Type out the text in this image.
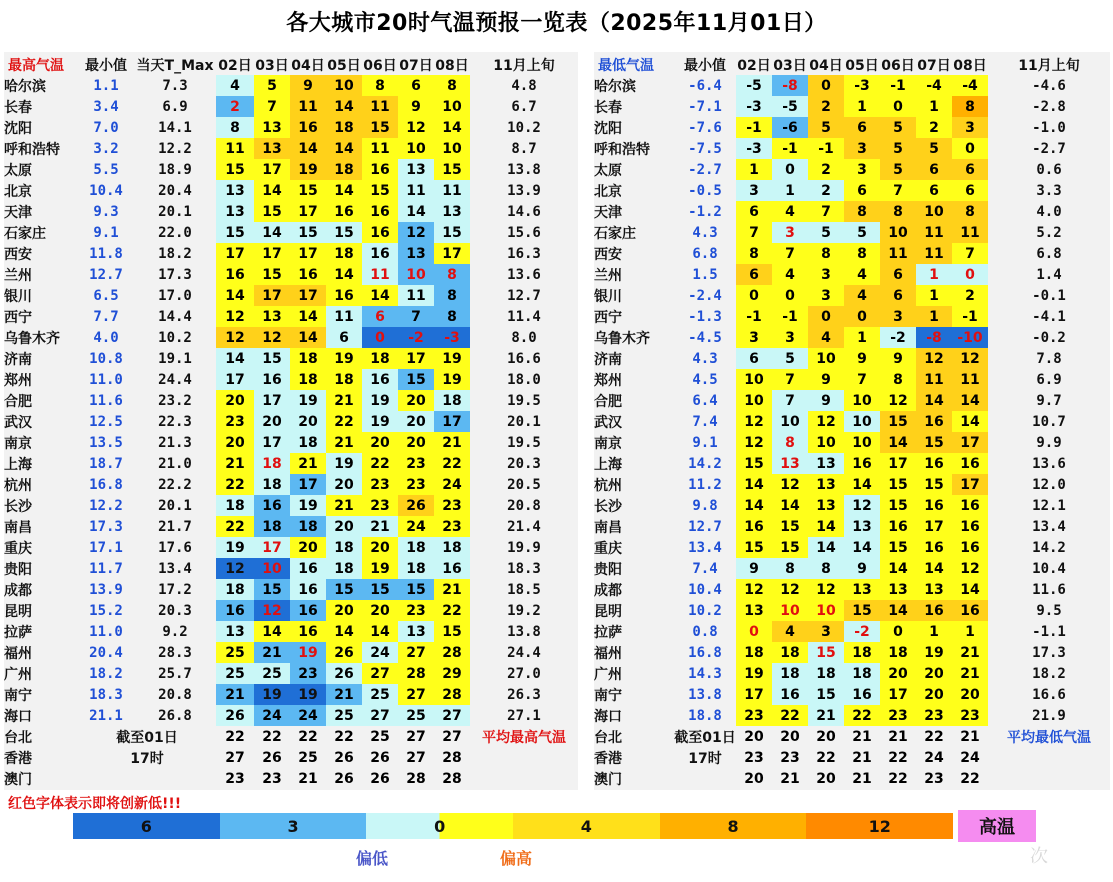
各大城市20时气温预报一览表（2025年11月01日）
最高气温	最小值	当天T_Max	02日	03日	04日	05日	06日	07日	08日	11月上旬
哈尔滨	1.1	7.3	4	5	9	10	8	6	8	4.8
长春	3.4	6.9	2	7	11	14	11	9	10	6.7
沈阳	7.0	14.1	8	13	16	18	15	12	14	10.2
呼和浩特	3.2	12.2	11	13	14	14	11	10	10	8.7
太原	5.5	18.9	15	17	19	18	16	13	15	13.8
北京	10.4	20.4	13	14	15	14	15	11	11	13.9
天津	9.3	20.1	13	15	17	16	16	14	13	14.6
石家庄	9.1	22.0	15	14	15	15	16	12	15	15.6
西安	11.8	18.2	17	17	17	18	16	13	17	16.3
兰州	12.7	17.3	16	15	16	14	11	10	8	13.6
银川	6.5	17.0	14	17	17	16	14	11	8	12.7
西宁	7.7	14.4	12	13	14	11	6	7	8	11.4
乌鲁木齐	4.0	10.2	12	12	14	6	0	-2	-3	8.0
济南	10.8	19.1	14	15	18	19	18	17	19	16.6
郑州	11.0	24.4	17	16	18	18	16	15	19	18.0
合肥	11.6	23.2	20	17	19	21	19	20	18	19.5
武汉	12.5	22.3	23	20	20	22	19	20	17	20.1
南京	13.5	21.3	20	17	18	21	20	20	21	19.5
上海	18.7	21.0	21	18	21	19	22	23	22	20.3
杭州	16.8	22.2	22	18	17	20	23	23	24	20.5
长沙	12.2	20.1	18	16	19	21	23	26	23	20.8
南昌	17.3	21.7	22	18	18	20	21	24	23	21.4
重庆	17.1	17.6	19	17	20	18	20	18	18	19.9
贵阳	11.7	13.4	12	10	16	18	19	18	16	18.3
成都	13.9	17.2	18	15	16	15	15	15	21	18.5
昆明	15.2	20.3	16	12	16	20	20	23	22	19.2
拉萨	11.0	9.2	13	14	16	14	14	13	15	13.8
福州	20.4	28.3	25	21	19	26	24	27	28	24.4
广州	18.2	25.7	25	25	23	26	27	28	29	27.0
南宁	18.3	20.8	21	19	19	21	25	27	28	26.3
海口	21.1	26.8	26	24	24	25	27	25	27	27.1
台北	截至01日		22	22	22	22	25	27	27	平均最高气温
香港	17时		27	26	25	26	26	27	28	
澳门			23	23	21	26	26	28	28	
最低气温	最小值	02日	03日	04日	05日	06日	07日	08日	11月上旬
哈尔滨	-6.4	-5	-8	0	-3	-1	-4	-4	-4.6
长春	-7.1	-3	-5	2	1	0	1	8	-2.8
沈阳	-7.6	-1	-6	5	6	5	2	3	-1.0
呼和浩特	-7.5	-3	-1	-1	3	5	5	0	-2.7
太原	-2.7	1	0	2	3	5	6	6	0.6
北京	-0.5	3	1	2	6	7	6	6	3.3
天津	-1.2	6	4	7	8	8	10	8	4.0
石家庄	4.3	7	3	5	5	10	11	11	5.2
西安	6.8	8	7	8	8	11	11	7	6.8
兰州	1.5	6	4	3	4	6	1	0	1.4
银川	-2.4	0	0	3	4	6	1	2	-0.1
西宁	-1.3	-1	-1	0	0	3	1	-1	-4.1
乌鲁木齐	-4.5	3	3	4	1	-2	-8	-10	-0.2
济南	4.3	6	5	10	9	9	12	12	7.8
郑州	4.5	10	7	9	7	8	11	11	6.9
合肥	6.4	10	7	9	10	12	14	14	9.7
武汉	7.4	12	10	12	10	15	16	14	10.7
南京	9.1	12	8	10	10	14	15	17	9.9
上海	14.2	15	13	13	16	17	16	16	13.6
杭州	11.2	14	12	13	14	15	15	17	12.0
长沙	9.8	14	14	13	12	15	16	16	12.1
南昌	12.7	16	15	14	13	16	17	16	13.4
重庆	13.4	15	15	14	14	15	16	16	14.2
贵阳	7.4	9	8	8	9	14	14	12	10.4
成都	10.4	12	12	12	13	13	13	14	11.6
昆明	10.2	13	10	10	15	14	16	16	9.5
拉萨	0.8	0	4	3	-2	0	1	1	-1.1
福州	16.8	18	18	15	18	18	19	21	17.3
广州	14.3	19	18	18	18	20	20	21	18.2
南宁	13.8	17	16	15	16	17	20	20	16.6
海口	18.8	23	22	21	22	23	23	23	21.9
台北	截至01日	20	20	20	21	21	22	21	平均最低气温
香港	17时	23	23	22	21	22	24	24	
澳门		20	21	20	21	22	23	22	
红色字体表示即将创新低!!!
6	3	0	4	8	12	高温
偏低	偏高	次
